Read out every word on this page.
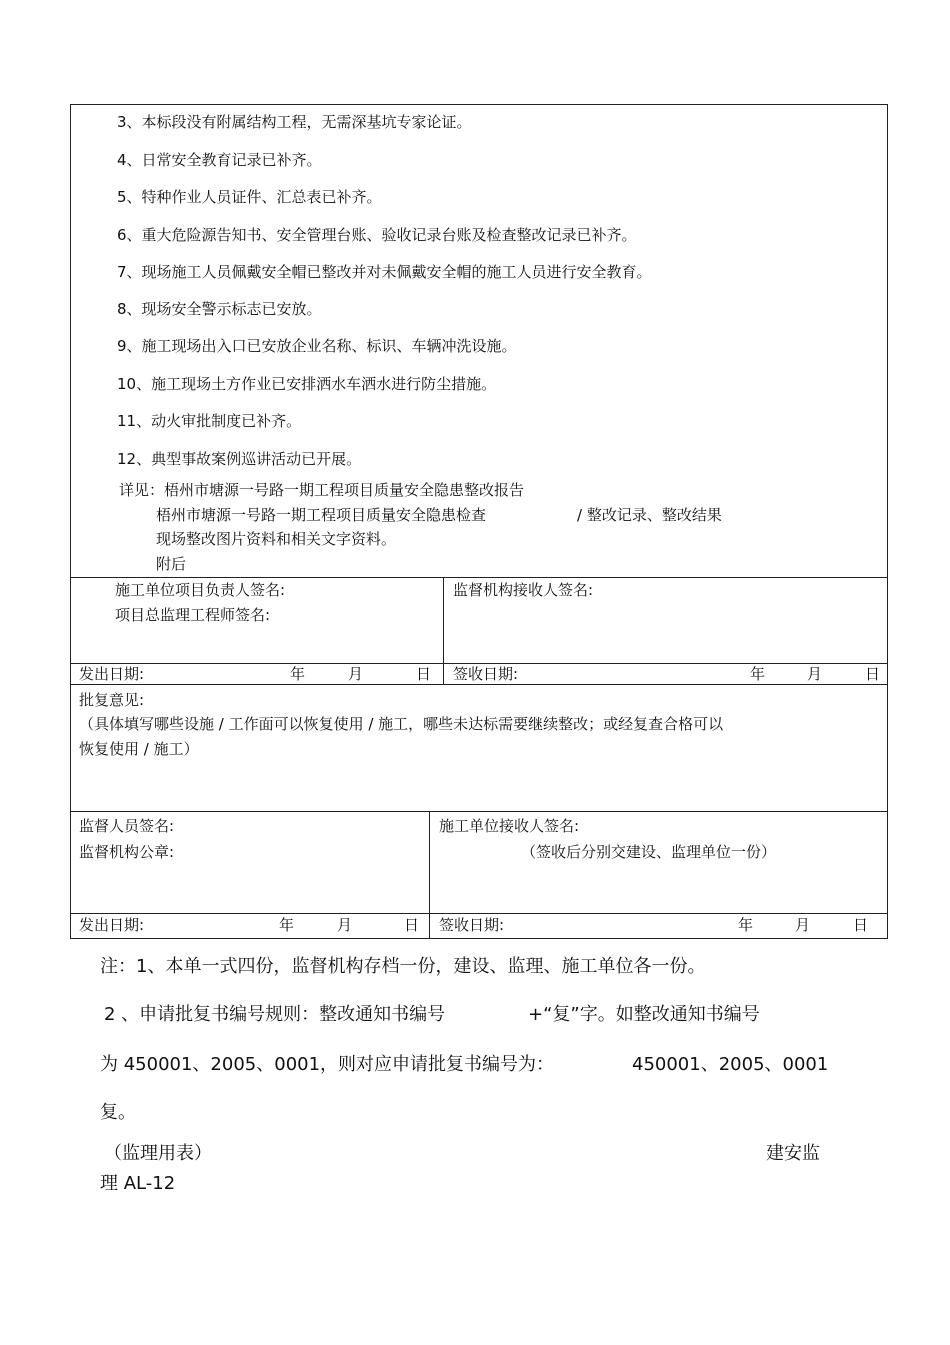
3、本标段没有附属结构工程，无需深基坑专家论证。
4、日常安全教育记录已补齐。
5、特种作业人员证件、汇总表已补齐。
6、重大危险源告知书、安全管理台账、验收记录台账及检查整改记录已补齐。
7、现场施工人员佩戴安全帽已整改并对未佩戴安全帽的施工人员进行安全教育。
8、现场安全警示标志已安放。
9、施工现场出入口已安放企业名称、标识、车辆冲洗设施。
10、施工现场土方作业已安排洒水车洒水进行防尘措施。
11、动火审批制度已补齐。
12、典型事故案例巡讲活动已开展。
详见：梧州市塘源一号路一期工程项目质量安全隐患整改报告
梧州市塘源一号路一期工程项目质量安全隐患检查	/ 整改记录、整改结果
现场整改图片资料和相关文字资料。
附后
施工单位项目负责人签名:
项目总监理工程师签名:
监督机构接收人签名:
发出日期:	年	月	日 签收日期:	年	月	日
批复意见:
（具体填写哪些设施 / 工作面可以恢复使用 / 施工，哪些未达标需要继续整改；或经复查合格可以
恢复使用 / 施工）
监督人员签名:
监督机构公章:
施工单位接收人签名:
（签收后分别交建设、监理单位一份）
发出日期:	年	月	日 签收日期:	年	月	日
注：1、本单一式四份，监督机构存档一份，建设、监理、施工单位各一份。
2 、申请批复书编号规则：整改通知书编号	+“复”字。如整改通知书编号
为 450001、2005、0001，则对应申请批复书编号为：	450001、2005、0001
复。
（监理用表）	建安监
理 AL-12
